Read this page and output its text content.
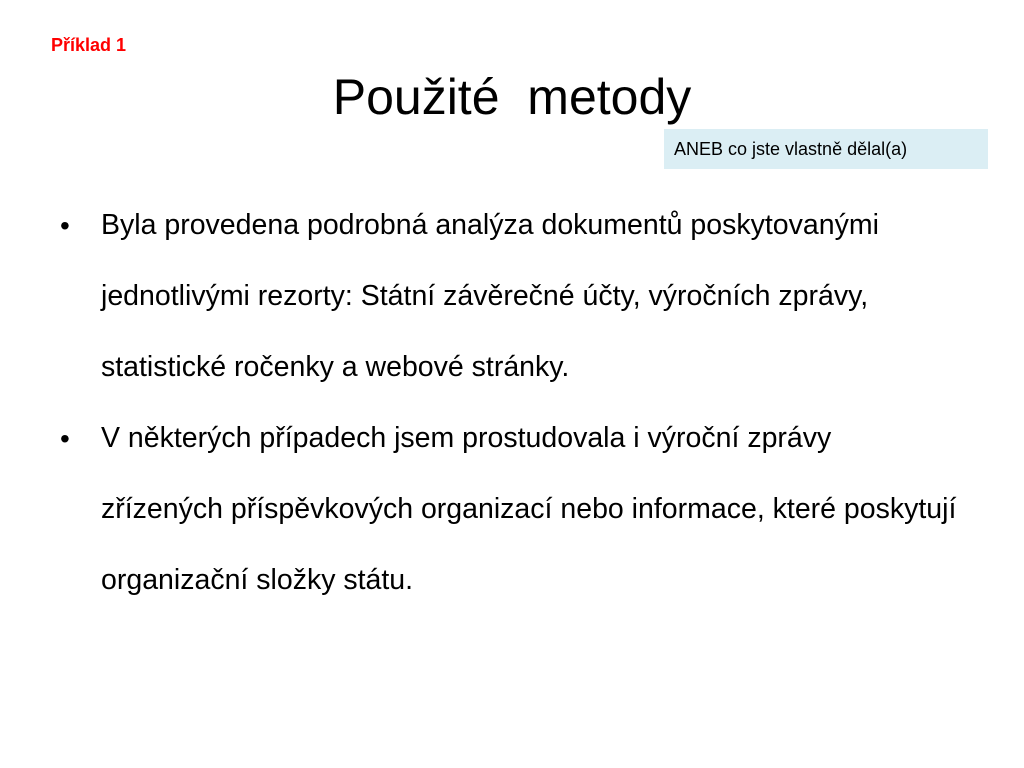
Příklad 1
Použité  metody
ANEB co jste vlastně dělal(a)
• Byla provedena podrobná analýza dokumentů poskytovanými jednotlivými rezorty: Státní závěrečné účty, výročních zprávy, statistické ročenky a webové stránky.
• V některých případech jsem prostudovala i výroční zprávy zřízených příspěvkových organizací nebo informace, které poskytují organizační složky státu.
